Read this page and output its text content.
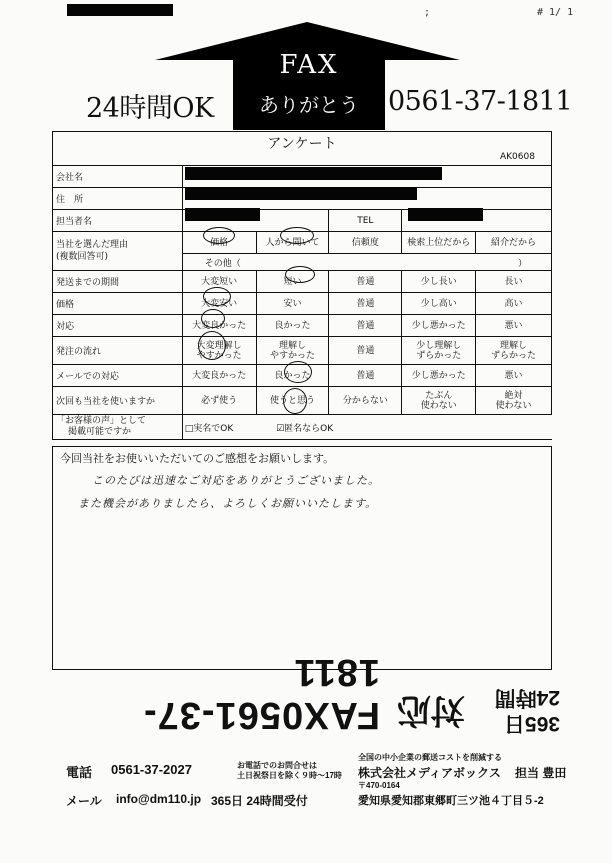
;	# 1/ 1
FAX
ありがとう
24時間OK	0561-37-1811
アンケート
AK0608
会社名					
住　所					
担当者名			TEL		
当社を選んだ理由
(複数回答可)	価格	人から聞いて	信頼度	検索上位だから	紹介だから
	その他（ ）				

発送までの期間	大変短い	短い	普通	少し長い	長い
価格	大変安い	安い	普通	少し高い	高い
対応	大変良かった	良かった	普通	少し悪かった	悪い
発注の流れ	大変理解し
やすかった	理解し
やすかった	普通	少し理解し
ずらかった	理解し
ずらかった
メールでの対応	大変良かった	良かった	普通	少し悪かった	悪い
次回も当社を使いますか	必ず使う	使うと思う	分からない	たぶん
使わない	絶対
使わない
「お客様の声」として
掲載可能ですか	□実名でOK ☑匿名ならOK				
今回当社をお使いいただいてのご感想をお願いします。
このたびは迅速なご対応をありがとうございました。
また機会がありましたら、よろしくお願いいたします。
365日
24時間
対応
FAX0561-37-1811
電話 0561-37-2027	お電話でのお問合せは
土日祝祭日を除く９時～17時
メール info@dm110.jp 365日 24時間受付
全国の中小企業の郵送コストを削減する
株式会社メディアボックス 担当 豊田
〒470-0164
愛知県愛知郡東郷町三ツ池４丁目５-2
